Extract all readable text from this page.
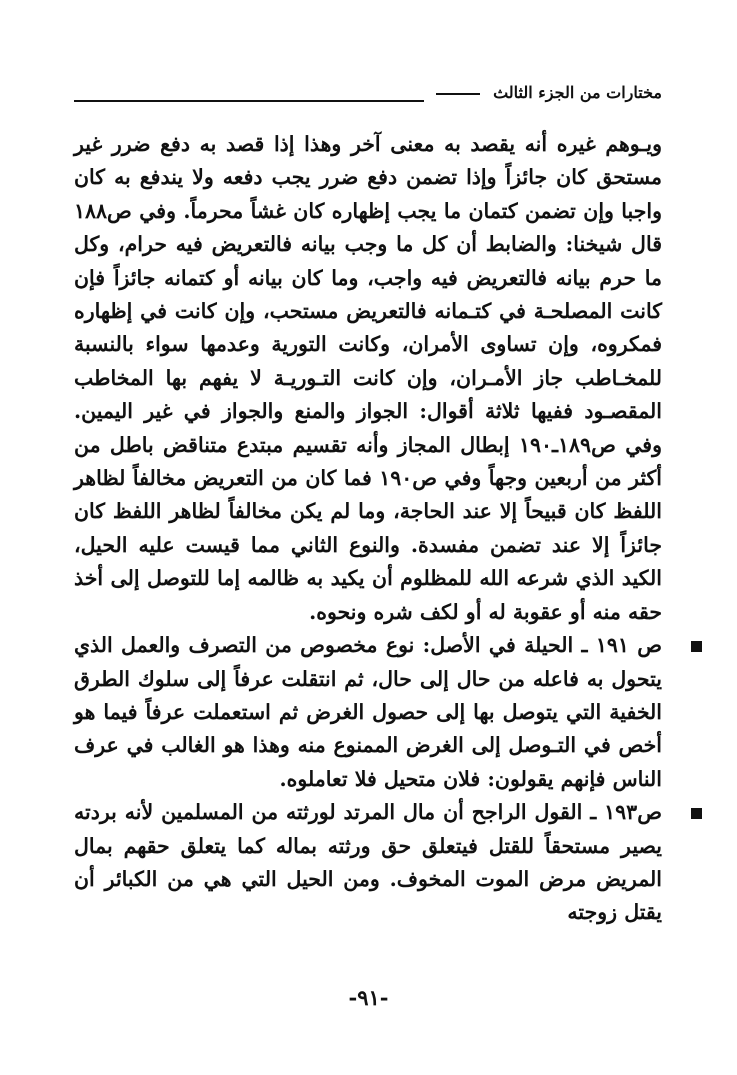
مختارات من الجزء الثالث

ويـوهم غيره أنه يقصد به معنى آخر وهذا إذا قصد به دفع ضرر غير مستحق كان جائزاً وإذا تضمن دفع ضرر يجب دفعه ولا يندفع به كان واجبا وإن تضمن كتمان ما يجب إظهاره كان غشاً محرماً. وفي ص١٨٨ قال شيخنا: والضابط أن كل ما وجب بيانه فالتعريض فيه حرام، وكل ما حرم بيانه فالتعريض فيه واجب، وما كان بيانه أو كتمانه جائزاً فإن كانت المصلحـة في كتـمانه فالتعريض مستحب، وإن كانت في إظهاره فمكروه، وإن تساوى الأمران، وكانت التورية وعدمها سواء بالنسبة للمخـاطب جاز الأمـران، وإن كانت التـوريـة لا يفهم بها المخاطب المقصـود ففيها ثلاثة أقوال: الجواز والمنع والجواز في غير اليمين. وفي ص١٨٩ـ١٩٠ إبطال المجاز وأنه تقسيم مبتدع متناقض باطل من أكثر من أربعين وجهاً وفي ص١٩٠ فما كان من التعريض مخالفاً لظاهر اللفظ كان قبيحاً إلا عند الحاجة، وما لم يكن مخالفاً لظاهر اللفظ كان جائزاً إلا عند تضمن مفسدة. والنوع الثاني مما قيست عليه الحيل، الكيد الذي شرعه الله للمظلوم أن يكيد به ظالمه إما للتوصل إلى أخذ حقه منه أو عقوبة له أو لكف شره ونحوه.

ص ١٩١ ـ الحيلة في الأصل: نوع مخصوص من التصرف والعمل الذي يتحول به فاعله من حال إلى حال، ثم انتقلت عرفاً إلى سلوك الطرق الخفية التي يتوصل بها إلى حصول الغرض ثم استعملت عرفاً فيما هو أخص في التـوصل إلى الغرض الممنوع منه وهذا هو الغالب في عرف الناس فإنهم يقولون: فلان متحيل فلا تعاملوه.

ص١٩٣ ـ القول الراجح أن مال المرتد لورثته من المسلمين لأنه بردته يصير مستحقاً للقتل فيتعلق حق ورثته بماله كما يتعلق حقهم بمال المريض مرض الموت المخوف. ومن الحيل التي هي من الكبائر أن يقتل زوجته

-٩١-
